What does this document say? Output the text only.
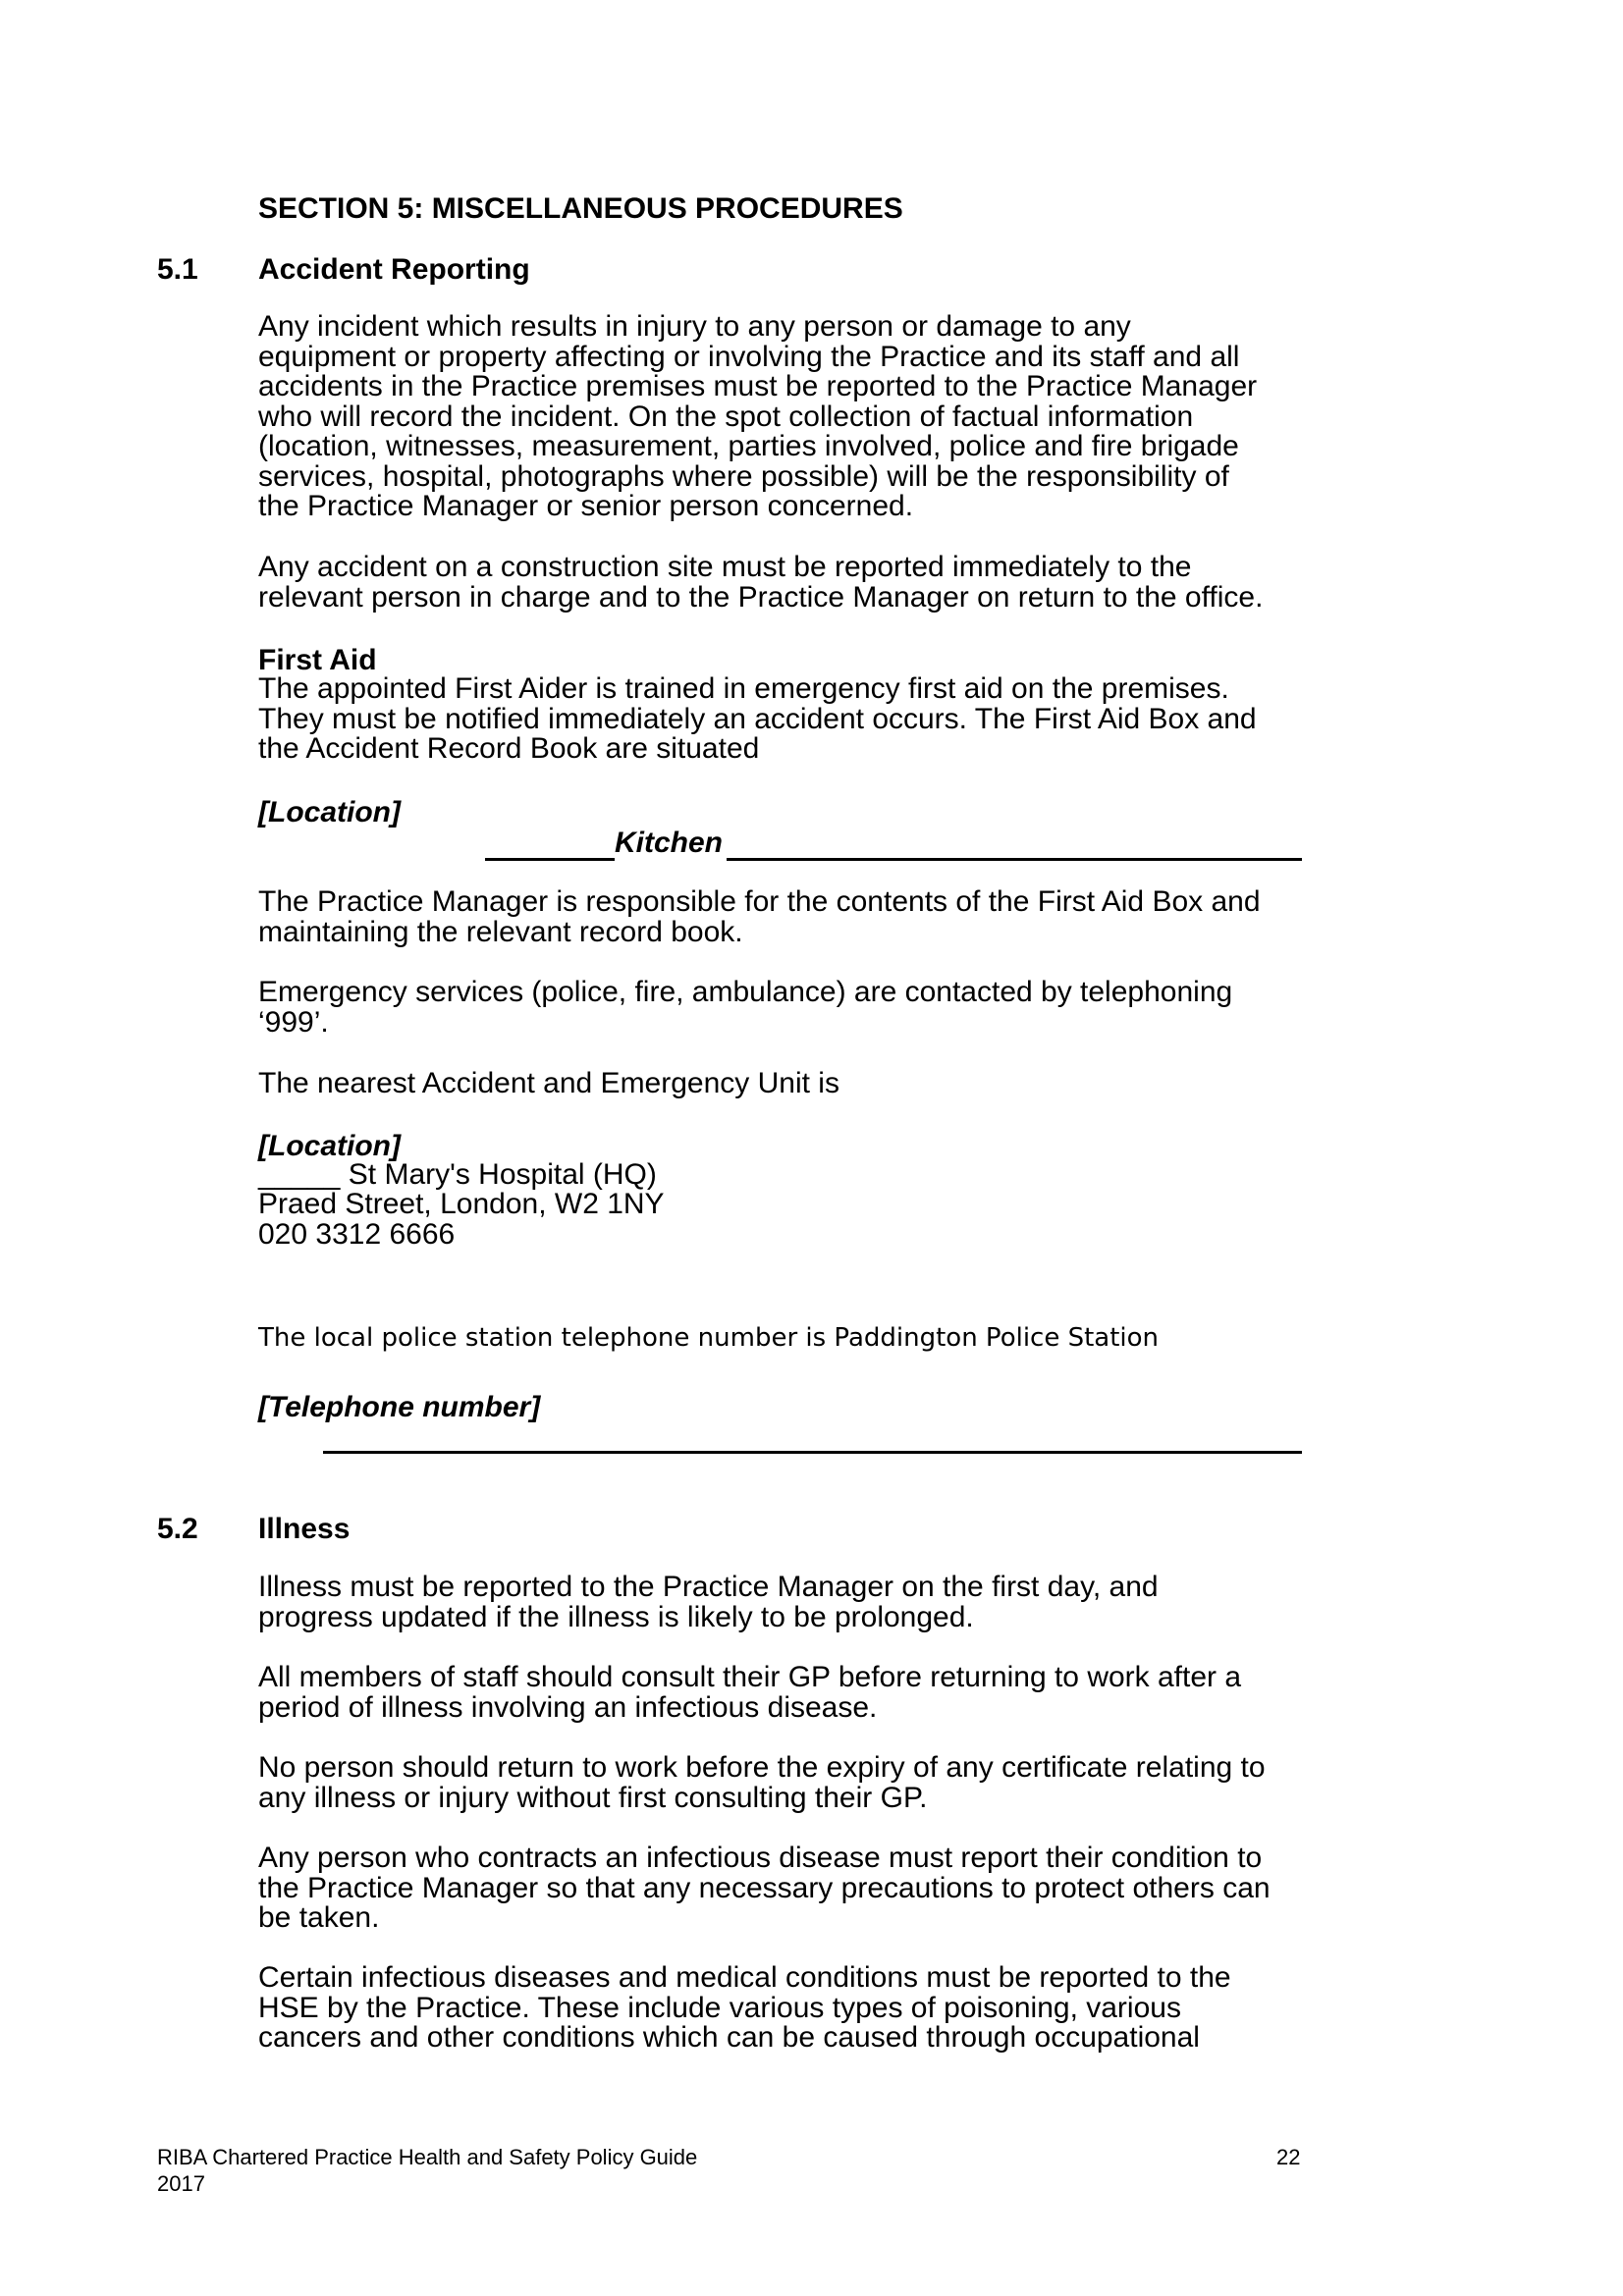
SECTION 5: MISCELLANEOUS PROCEDURES
5.1 Accident Reporting
Any incident which results in injury to any person or damage to any
equipment or property affecting or involving the Practice and its staff and all
accidents in the Practice premises must be reported to the Practice Manager
who will record the incident. On the spot collection of factual information
(location, witnesses, measurement, parties involved, police and fire brigade
services, hospital, photographs where possible) will be the responsibility of
the Practice Manager or senior person concerned.
Any accident on a construction site must be reported immediately to the
relevant person in charge and to the Practice Manager on return to the office.
First Aid
The appointed First Aider is trained in emergency first aid on the premises.
They must be notified immediately an accident occurs. The First Aid Box and
the Accident Record Book are situated
[Location]
Kitchen
The Practice Manager is responsible for the contents of the First Aid Box and
maintaining the relevant record book.
Emergency services (police, fire, ambulance) are contacted by telephoning
‘999’.
The nearest Accident and Emergency Unit is
[Location]
_____ St Mary's Hospital (HQ)
Praed Street, London, W2 1NY
020 3312 6666
The local police station telephone number is Paddington Police Station
[Telephone number]
5.2 Illness
Illness must be reported to the Practice Manager on the first day, and
progress updated if the illness is likely to be prolonged.
All members of staff should consult their GP before returning to work after a
period of illness involving an infectious disease.
No person should return to work before the expiry of any certificate relating to
any illness or injury without first consulting their GP.
Any person who contracts an infectious disease must report their condition to
the Practice Manager so that any necessary precautions to protect others can
be taken.
Certain infectious diseases and medical conditions must be reported to the
HSE by the Practice. These include various types of poisoning, various
cancers and other conditions which can be caused through occupational
RIBA Chartered Practice Health and Safety Policy Guide
2017
22
